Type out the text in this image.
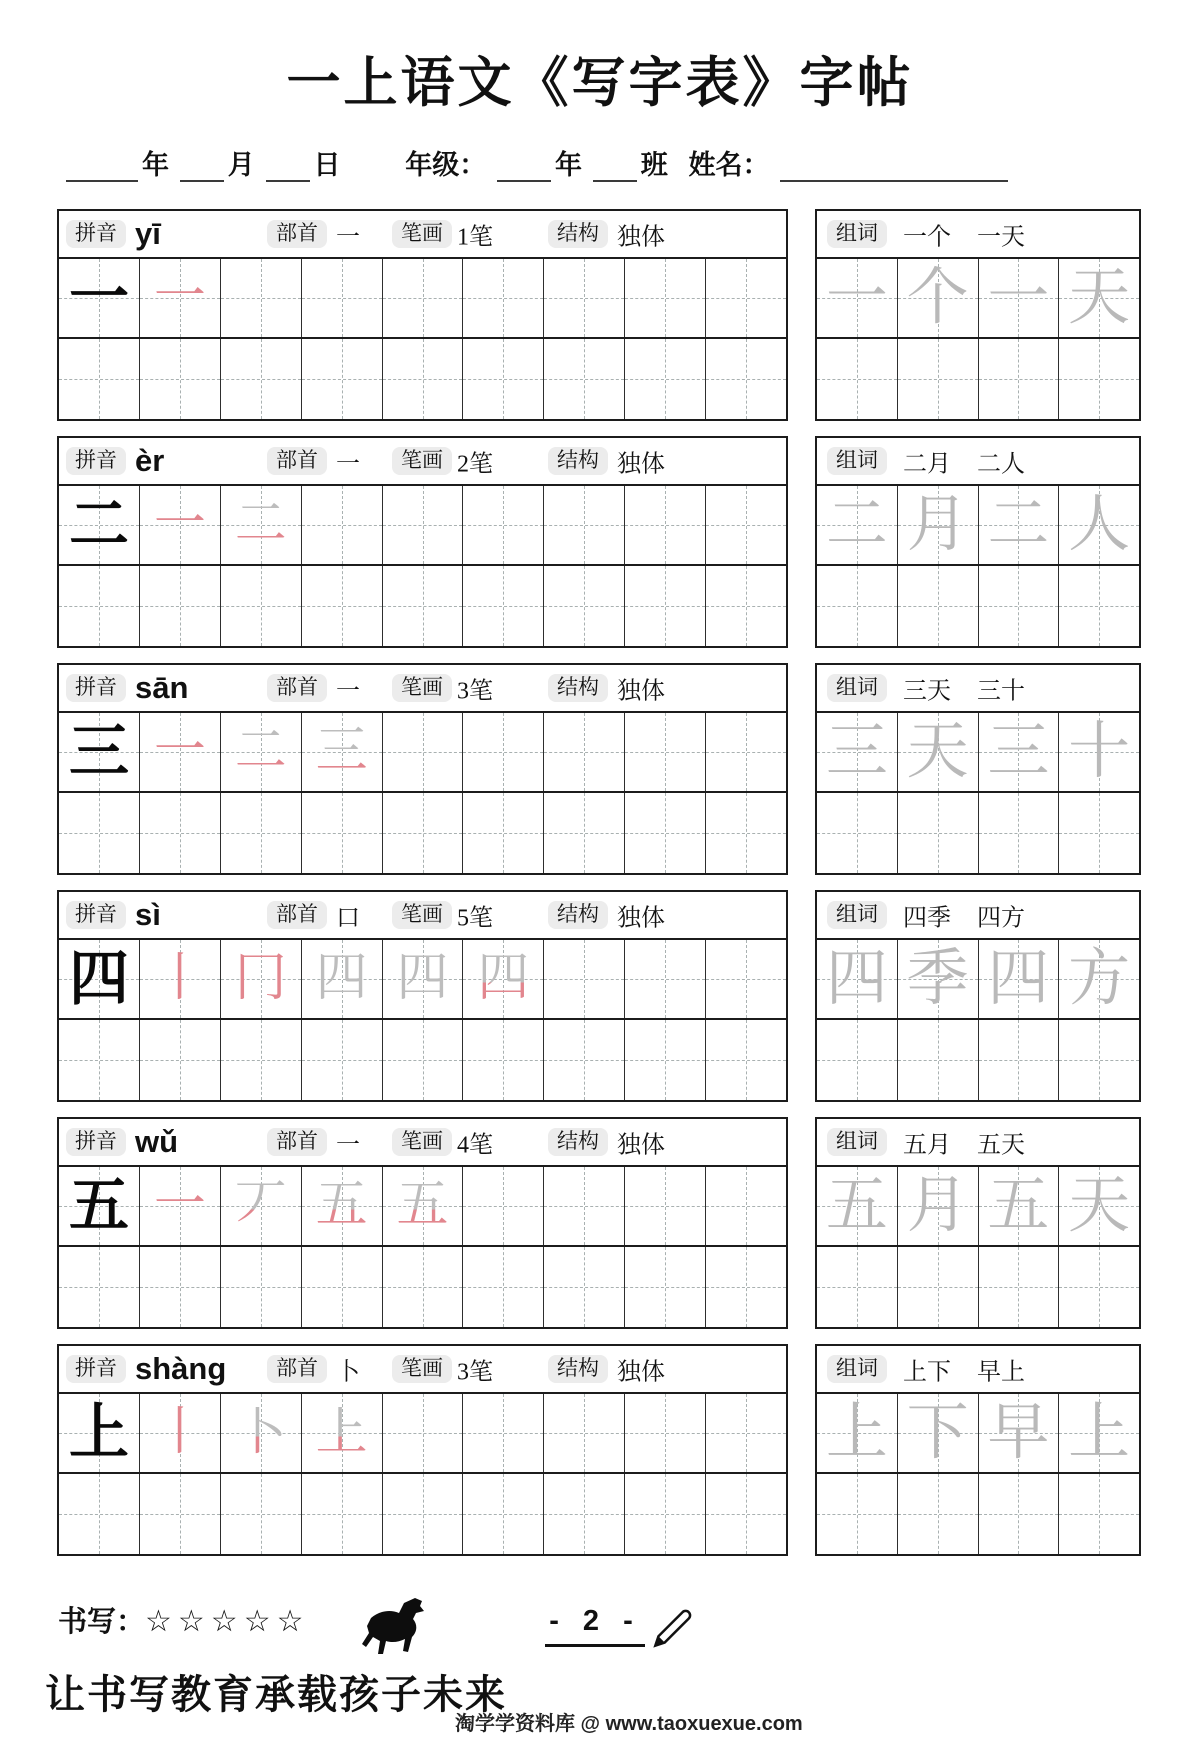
一上语文《写字表》字帖
年 月 日 年级：	年 班 姓名：
拼音 yī	部首 一	笔画 1笔	结构 独体
一 一
组词	一个 一天
一 个 一 天
拼音 èr	部首 一	笔画 2笔	结构 独体
二 一 二
组词	二月 二人
二 月 二 人
拼音 sān	部首 一	笔画 3笔	结构 独体
三 一 二 三
组词	三天 三十
三 天 三 十
拼音 sì	部首 口	笔画 5笔	结构 独体
四 丨 冂 四 四 四
组词	四季 四方
四 季 四 方
拼音 wǔ	部首 一	笔画 4笔	结构 独体
五 一 丆 五 五
组词	五月 五天
五 月 五 天
拼音 shàng	部首 卜	笔画 3笔	结构 独体
上 丨 卜 上
组词	上下 早上
上 下 早 上
书写：☆☆☆☆☆	- 2 -
让书写教育承载孩子未来
淘学学资料库 @ www.taoxuexue.com
